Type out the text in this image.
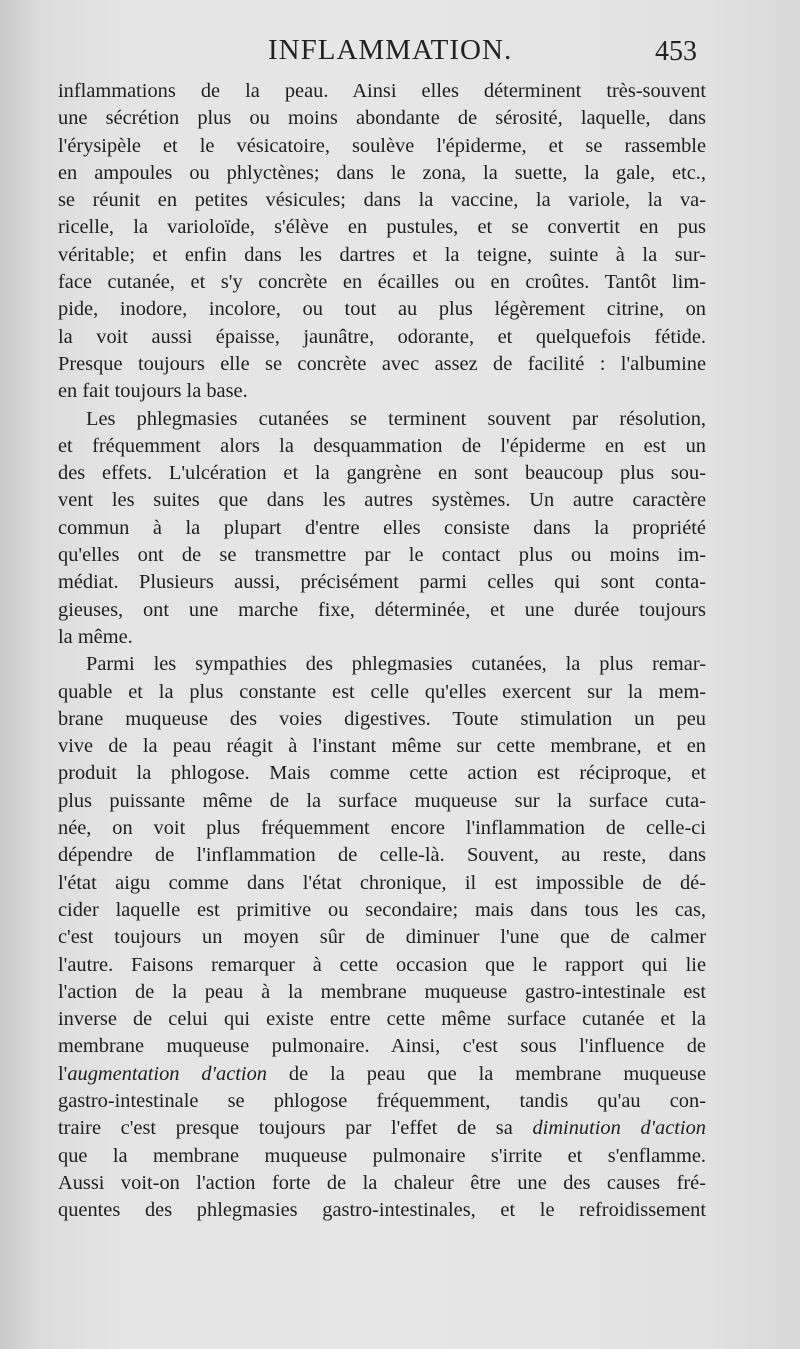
INFLAMMATION.	453
inflammations de la peau. Ainsi elles déterminent très-souvent
une sécrétion plus ou moins abondante de sérosité, laquelle, dans
l'érysipèle et le vésicatoire, soulève l'épiderme, et se rassemble
en ampoules ou phlyctènes; dans le zona, la suette, la gale, etc.,
se réunit en petites vésicules; dans la vaccine, la variole, la va-
ricelle, la varioloïde, s'élève en pustules, et se convertit en pus
véritable; et enfin dans les dartres et la teigne, suinte à la sur-
face cutanée, et s'y concrète en écailles ou en croûtes. Tantôt lim-
pide, inodore, incolore, ou tout au plus légèrement citrine, on
la voit aussi épaisse, jaunâtre, odorante, et quelquefois fétide.
Presque toujours elle se concrète avec assez de facilité : l'albumine
en fait toujours la base.
Les phlegmasies cutanées se terminent souvent par résolution,
et fréquemment alors la desquammation de l'épiderme en est un
des effets. L'ulcération et la gangrène en sont beaucoup plus sou-
vent les suites que dans les autres systèmes. Un autre caractère
commun à la plupart d'entre elles consiste dans la propriété
qu'elles ont de se transmettre par le contact plus ou moins im-
médiat. Plusieurs aussi, précisément parmi celles qui sont conta-
gieuses, ont une marche fixe, déterminée, et une durée toujours
la même.
Parmi les sympathies des phlegmasies cutanées, la plus remar-
quable et la plus constante est celle qu'elles exercent sur la mem-
brane muqueuse des voies digestives. Toute stimulation un peu
vive de la peau réagit à l'instant même sur cette membrane, et en
produit la phlogose. Mais comme cette action est réciproque, et
plus puissante même de la surface muqueuse sur la surface cuta-
née, on voit plus fréquemment encore l'inflammation de celle-ci
dépendre de l'inflammation de celle-là. Souvent, au reste, dans
l'état aigu comme dans l'état chronique, il est impossible de dé-
cider laquelle est primitive ou secondaire; mais dans tous les cas,
c'est toujours un moyen sûr de diminuer l'une que de calmer
l'autre. Faisons remarquer à cette occasion que le rapport qui lie
l'action de la peau à la membrane muqueuse gastro-intestinale est
inverse de celui qui existe entre cette même surface cutanée et la
membrane muqueuse pulmonaire. Ainsi, c'est sous l'influence de
l'augmentation d'action de la peau que la membrane muqueuse
gastro-intestinale se phlogose fréquemment, tandis qu'au con-
traire c'est presque toujours par l'effet de sa diminution d'action
que la membrane muqueuse pulmonaire s'irrite et s'enflamme.
Aussi voit-on l'action forte de la chaleur être une des causes fré-
quentes des phlegmasies gastro-intestinales, et le refroidissement
